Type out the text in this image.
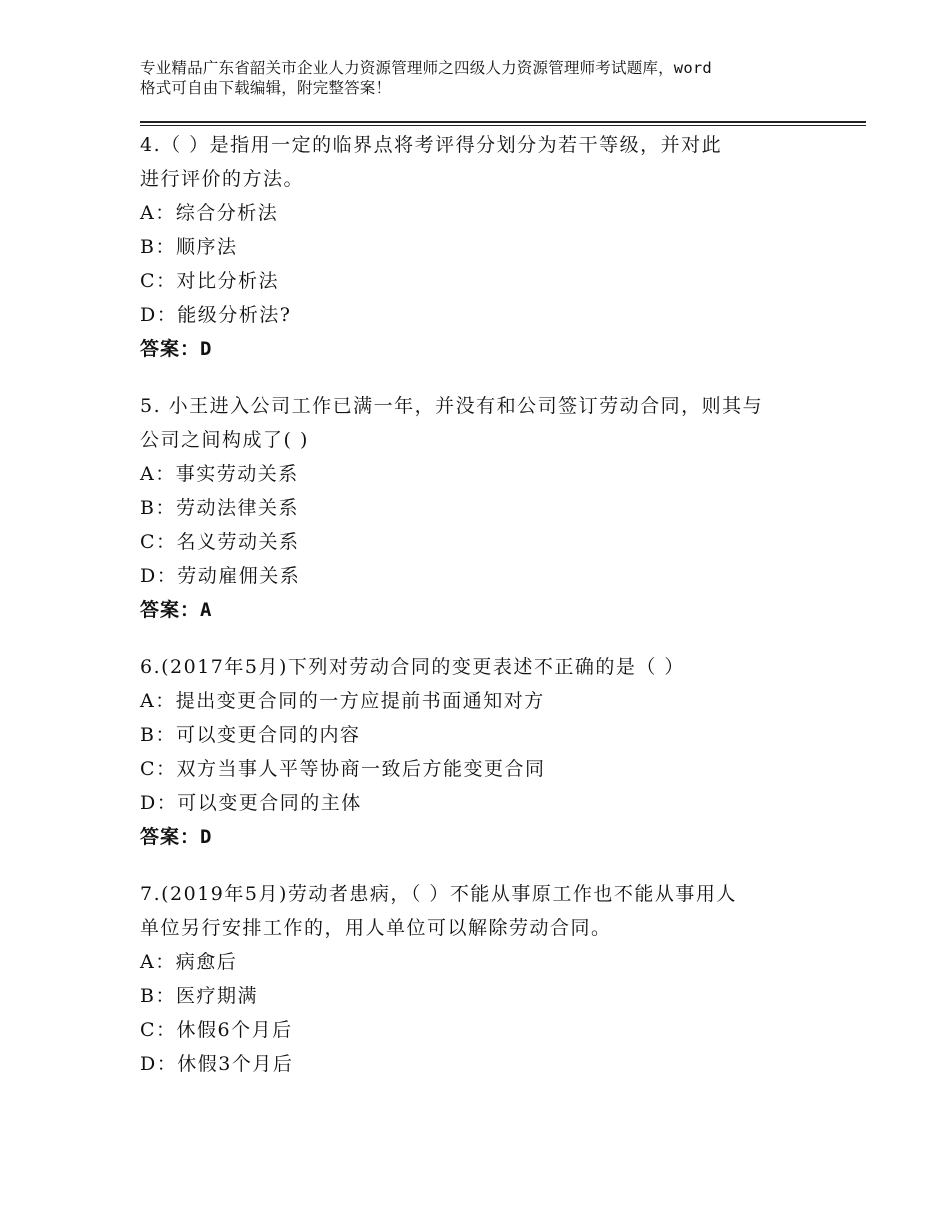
专业精品广东省韶关市企业人力资源管理师之四级人力资源管理师考试题库，word
格式可自由下载编辑，附完整答案！
4.（ ）是指用一定的临界点将考评得分划分为若干等级，并对此
进行评价的方法。
A：综合分析法
B：顺序法
C：对比分析法
D：能级分析法?
答案：D
5. 小王进入公司工作已满一年，并没有和公司签订劳动合同，则其与
公司之间构成了( )
A：事实劳动关系
B：劳动法律关系
C：名义劳动关系
D：劳动雇佣关系
答案：A
6.(2017年5月)下列对劳动合同的变更表述不正确的是（ ）
A：提出变更合同的一方应提前书面通知对方
B：可以变更合同的内容
C：双方当事人平等协商一致后方能变更合同
D：可以变更合同的主体
答案：D
7.(2019年5月)劳动者患病，（ ）不能从事原工作也不能从事用人
单位另行安排工作的，用人单位可以解除劳动合同。
A：病愈后
B：医疗期满
C：休假6个月后
D：休假3个月后
